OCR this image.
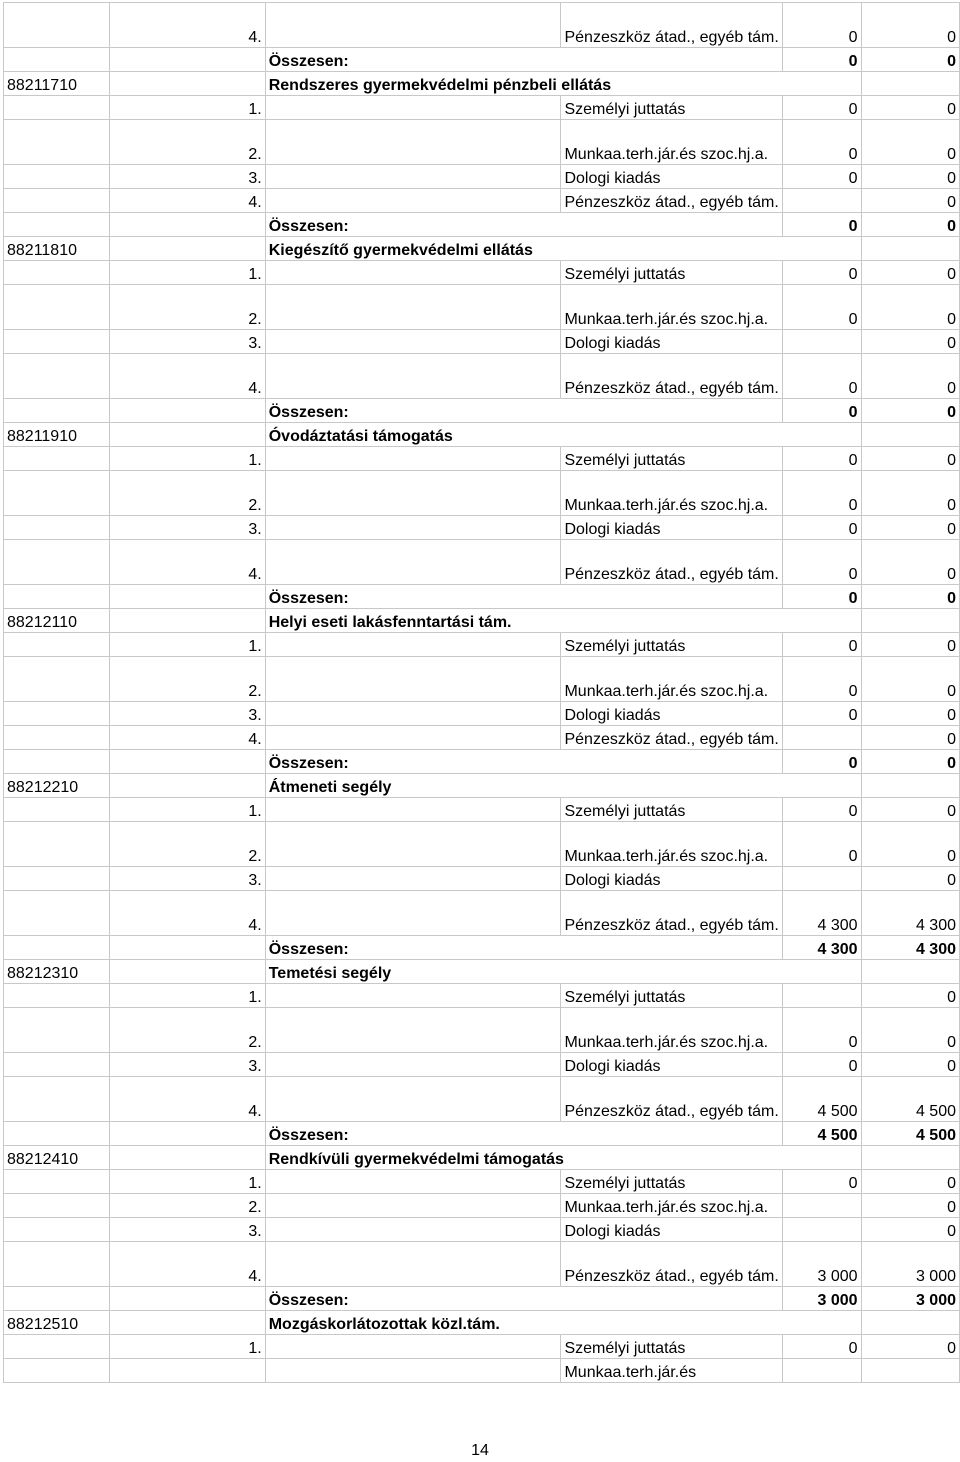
	4.		Pénzeszköz átad., egyéb tám.	0	0
		Összesen:		0	0
88211710		Rendszeres gyermekvédelmi pénzbeli ellátás			
	1.		Személyi juttatás	0	0
	2.		Munkaa.terh.jár.és szoc.hj.a.	0	0
	3.		Dologi kiadás	0	0
	4.		Pénzeszköz átad., egyéb tám.		0
		Összesen:		0	0
88211810		Kiegészítő gyermekvédelmi ellátás			
	1.		Személyi juttatás	0	0
	2.		Munkaa.terh.jár.és szoc.hj.a.	0	0
	3.		Dologi kiadás		0
	4.		Pénzeszköz átad., egyéb tám.	0	0
		Összesen:		0	0
88211910		Óvodáztatási támogatás			
	1.		Személyi juttatás	0	0
	2.		Munkaa.terh.jár.és szoc.hj.a.	0	0
	3.		Dologi kiadás	0	0
	4.		Pénzeszköz átad., egyéb tám.	0	0
		Összesen:		0	0
88212110		Helyi eseti lakásfenntartási tám.			
	1.		Személyi juttatás	0	0
	2.		Munkaa.terh.jár.és szoc.hj.a.	0	0
	3.		Dologi kiadás	0	0
	4.		Pénzeszköz átad., egyéb tám.		0
		Összesen:		0	0
88212210		Átmeneti segély			
	1.		Személyi juttatás	0	0
	2.		Munkaa.terh.jár.és szoc.hj.a.	0	0
	3.		Dologi kiadás		0
	4.		Pénzeszköz átad., egyéb tám.	4 300	4 300
		Összesen:		4 300	4 300
88212310		Temetési segély			
	1.		Személyi juttatás		0
	2.		Munkaa.terh.jár.és szoc.hj.a.	0	0
	3.		Dologi kiadás	0	0
	4.		Pénzeszköz átad., egyéb tám.	4 500	4 500
		Összesen:		4 500	4 500
88212410		Rendkívüli gyermekvédelmi támogatás			
	1.		Személyi juttatás	0	0
	2.		Munkaa.terh.jár.és szoc.hj.a.		0
	3.		Dologi kiadás		0
	4.		Pénzeszköz átad., egyéb tám.	3 000	3 000
		Összesen:		3 000	3 000
88212510		Mozgáskorlátozottak közl.tám.			
	1.		Személyi juttatás	0	0
			Munkaa.terh.jár.és		
14
